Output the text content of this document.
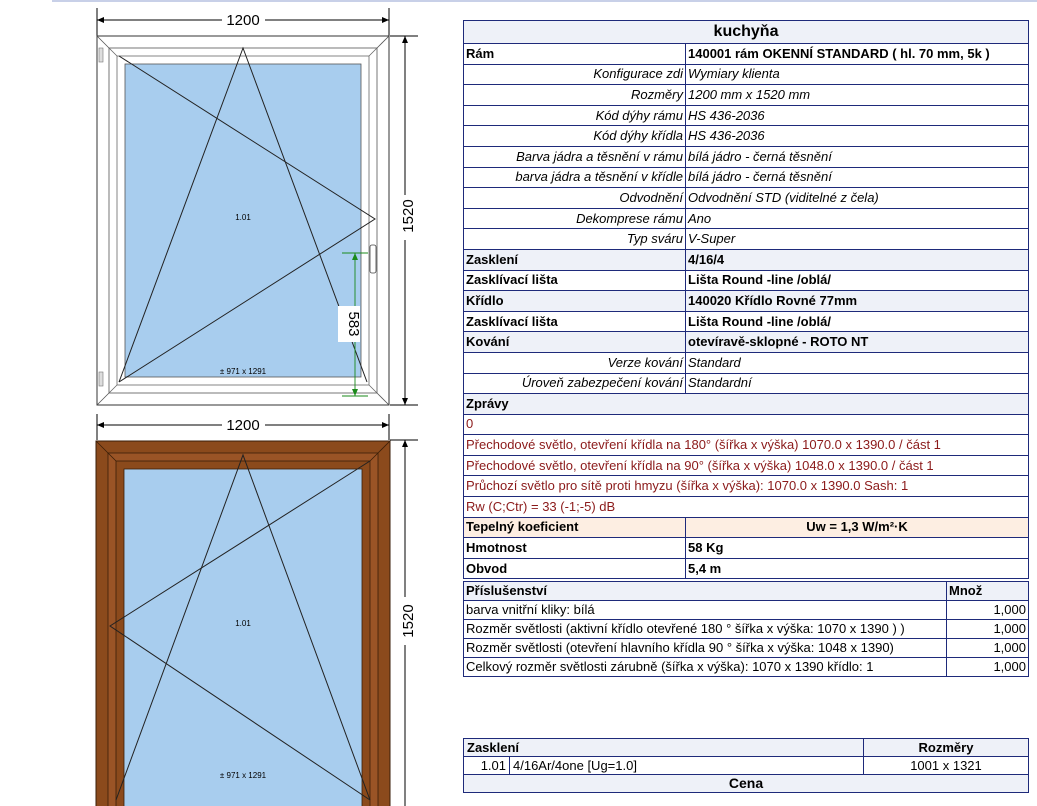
1200
1520
583
1.01
± 971 x 1291
1200
1520
1.01
± 971 x 1291
kuchyňa	
Rám	140001 rám OKENNÍ STANDARD ( hl. 70 mm, 5k )
Konfigurace zdi	Wymiary klienta
Rozměry	1200 mm x 1520 mm
Kód dýhy rámu	HS 436-2036
Kód dýhy křídla	HS 436-2036
Barva jádra a těsnění v rámu	bílá jádro - černá těsnění
barva jádra a těsnění v křídle	bílá jádro - černá těsnění
Odvodnění	Odvodnění STD (viditelné z čela)
Dekomprese rámu	Ano
Typ sváru	V-Super
Zasklení	4/16/4
Zasklívací lišta	Lišta Round -line /oblá/
Křídlo	140020 Křídlo Rovné 77mm
Zasklívací lišta	Lišta Round -line /oblá/
Kování	otevíravě-sklopné - ROTO NT
Verze kování	Standard
Úroveň zabezpečení kování	Standardní
Zprávy	
0	
Přechodové světlo, otevření křídla na 180° (šířka x výška) 1070.0 x 1390.0 / část 1	
Přechodové světlo, otevření křídla na 90° (šířka x výška) 1048.0 x 1390.0 / část 1	
Průchozí světlo pro sítě proti hmyzu (šířka x výška): 1070.0 x 1390.0 Sash: 1	
Rw (C;Ctr) = 33 (-1;-5) dB	
Tepelný koeficient	Uw = 1,3 W/m²·K
Hmotnost	58 Kg
Obvod	5,4 m
Příslušenství	Množ
barva vnitřní kliky: bílá	1,000
Rozměr světlosti (aktivní křídlo otevřené 180 ° šířka x výška: 1070 x 1390 ) )	1,000
Rozměr světlosti (otevření hlavního křídla 90 ° šířka x výška: 1048 x 1390)	1,000
Celkový rozměr světlosti zárubně (šířka x výška): 1070 x 1390 křídlo: 1	1,000
Zasklení		Rozměry
1.01	4/16Ar/4one [Ug=1.0]	1001 x 1321
Cena		
